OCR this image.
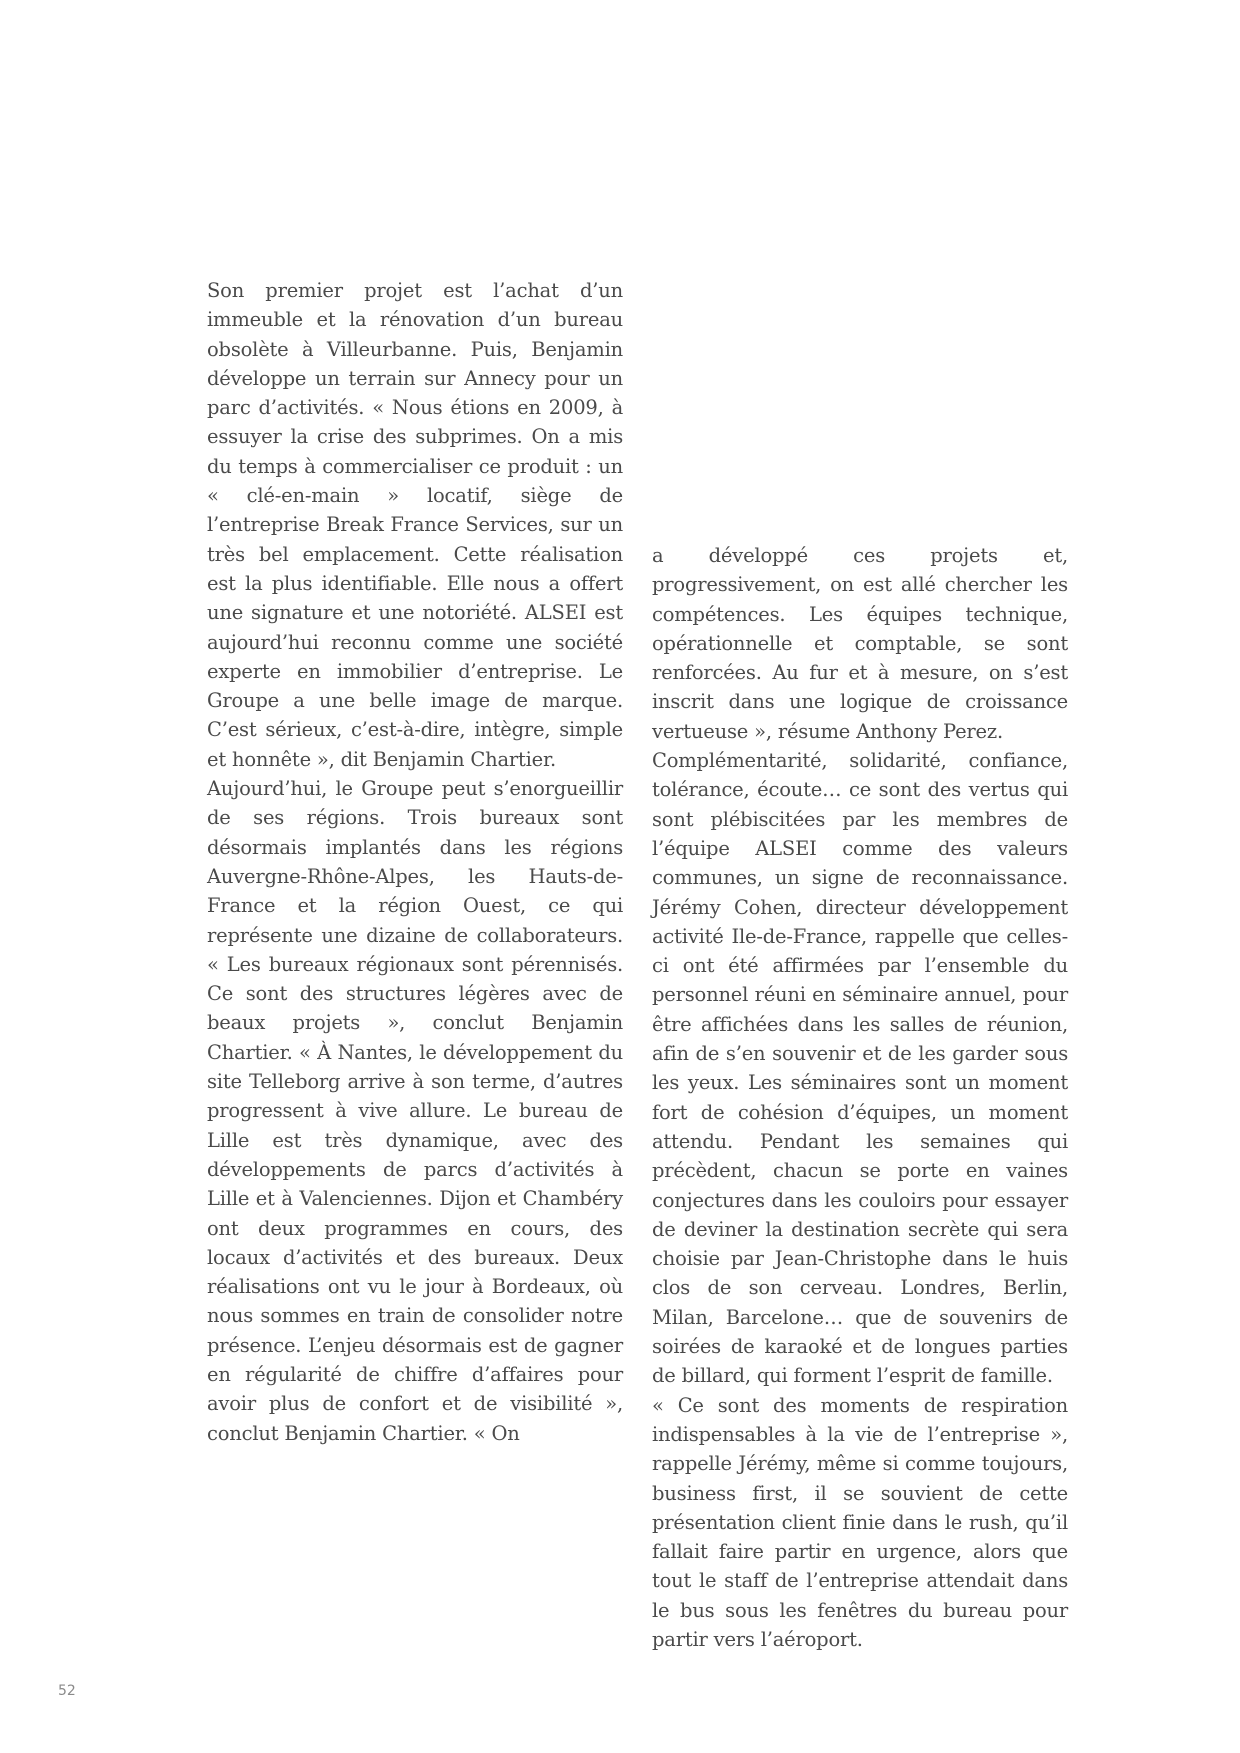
Son premier projet est l’achat d’un immeuble et la rénovation d’un bureau obsolète à Villeurbanne. Puis, Benjamin développe un terrain sur Annecy pour un parc d’activités. « Nous étions en 2009, à essuyer la crise des subprimes. On a mis du temps à commercialiser ce produit : un « clé-en-main » locatif, siège de l’entreprise Break France Services, sur un très bel emplacement. Cette réalisation est la plus identifiable. Elle nous a offert une signature et une notoriété. ALSEI est aujourd’hui reconnu comme une société experte en immobilier d’entreprise. Le Groupe a une belle image de marque. C’est sérieux, c’est-à-dire, intègre, simple et honnête », dit Benjamin Chartier.

Aujourd’hui, le Groupe peut s’enorgueillir de ses régions. Trois bureaux sont désormais implantés dans les régions Auvergne-Rhône-Alpes, les Hauts-de-France et la région Ouest, ce qui représente une dizaine de collaborateurs. « Les bureaux régionaux sont pérennisés. Ce sont des structures légères avec de beaux projets », conclut Benjamin Chartier. « À Nantes, le développement du site Telleborg arrive à son terme, d’autres progressent à vive allure. Le bureau de Lille est très dynamique, avec des développements de parcs d’activités à Lille et à Valenciennes. Dijon et Chambéry ont deux programmes en cours, des locaux d’activités et des bureaux. Deux réalisations ont vu le jour à Bordeaux, où nous sommes en train de consolider notre présence. L’enjeu désormais est de gagner en régularité de chiffre d’affaires pour avoir plus de confort et de visibilité », conclut Benjamin Chartier. « On

a développé ces projets et, progressivement, on est allé chercher les compétences. Les équipes technique, opérationnelle et comptable, se sont renforcées. Au fur et à mesure, on s’est inscrit dans une logique de croissance vertueuse », résume Anthony Perez.

Complémentarité, solidarité, confiance, tolérance, écoute… ce sont des vertus qui sont plébiscitées par les membres de l’équipe ALSEI comme des valeurs communes, un signe de reconnaissance. Jérémy Cohen, directeur développement activité Ile-de-France, rappelle que celles-ci ont été affirmées par l’ensemble du personnel réuni en séminaire annuel, pour être affichées dans les salles de réunion, afin de s’en souvenir et de les garder sous les yeux. Les séminaires sont un moment fort de cohésion d’équipes, un moment attendu. Pendant les semaines qui précèdent, chacun se porte en vaines conjectures dans les couloirs pour essayer de deviner la destination secrète qui sera choisie par Jean-Christophe dans le huis clos de son cerveau. Londres, Berlin, Milan, Barcelone… que de souvenirs de soirées de karaoké et de longues parties de billard, qui forment l’esprit de famille.

« Ce sont des moments de respiration indispensables à la vie de l’entreprise », rappelle Jérémy, même si comme toujours, business first, il se souvient de cette présentation client finie dans le rush, qu’il fallait faire partir en urgence, alors que tout le staff de l’entreprise attendait dans le bus sous les fenêtres du bureau pour partir vers l’aéroport.

52
